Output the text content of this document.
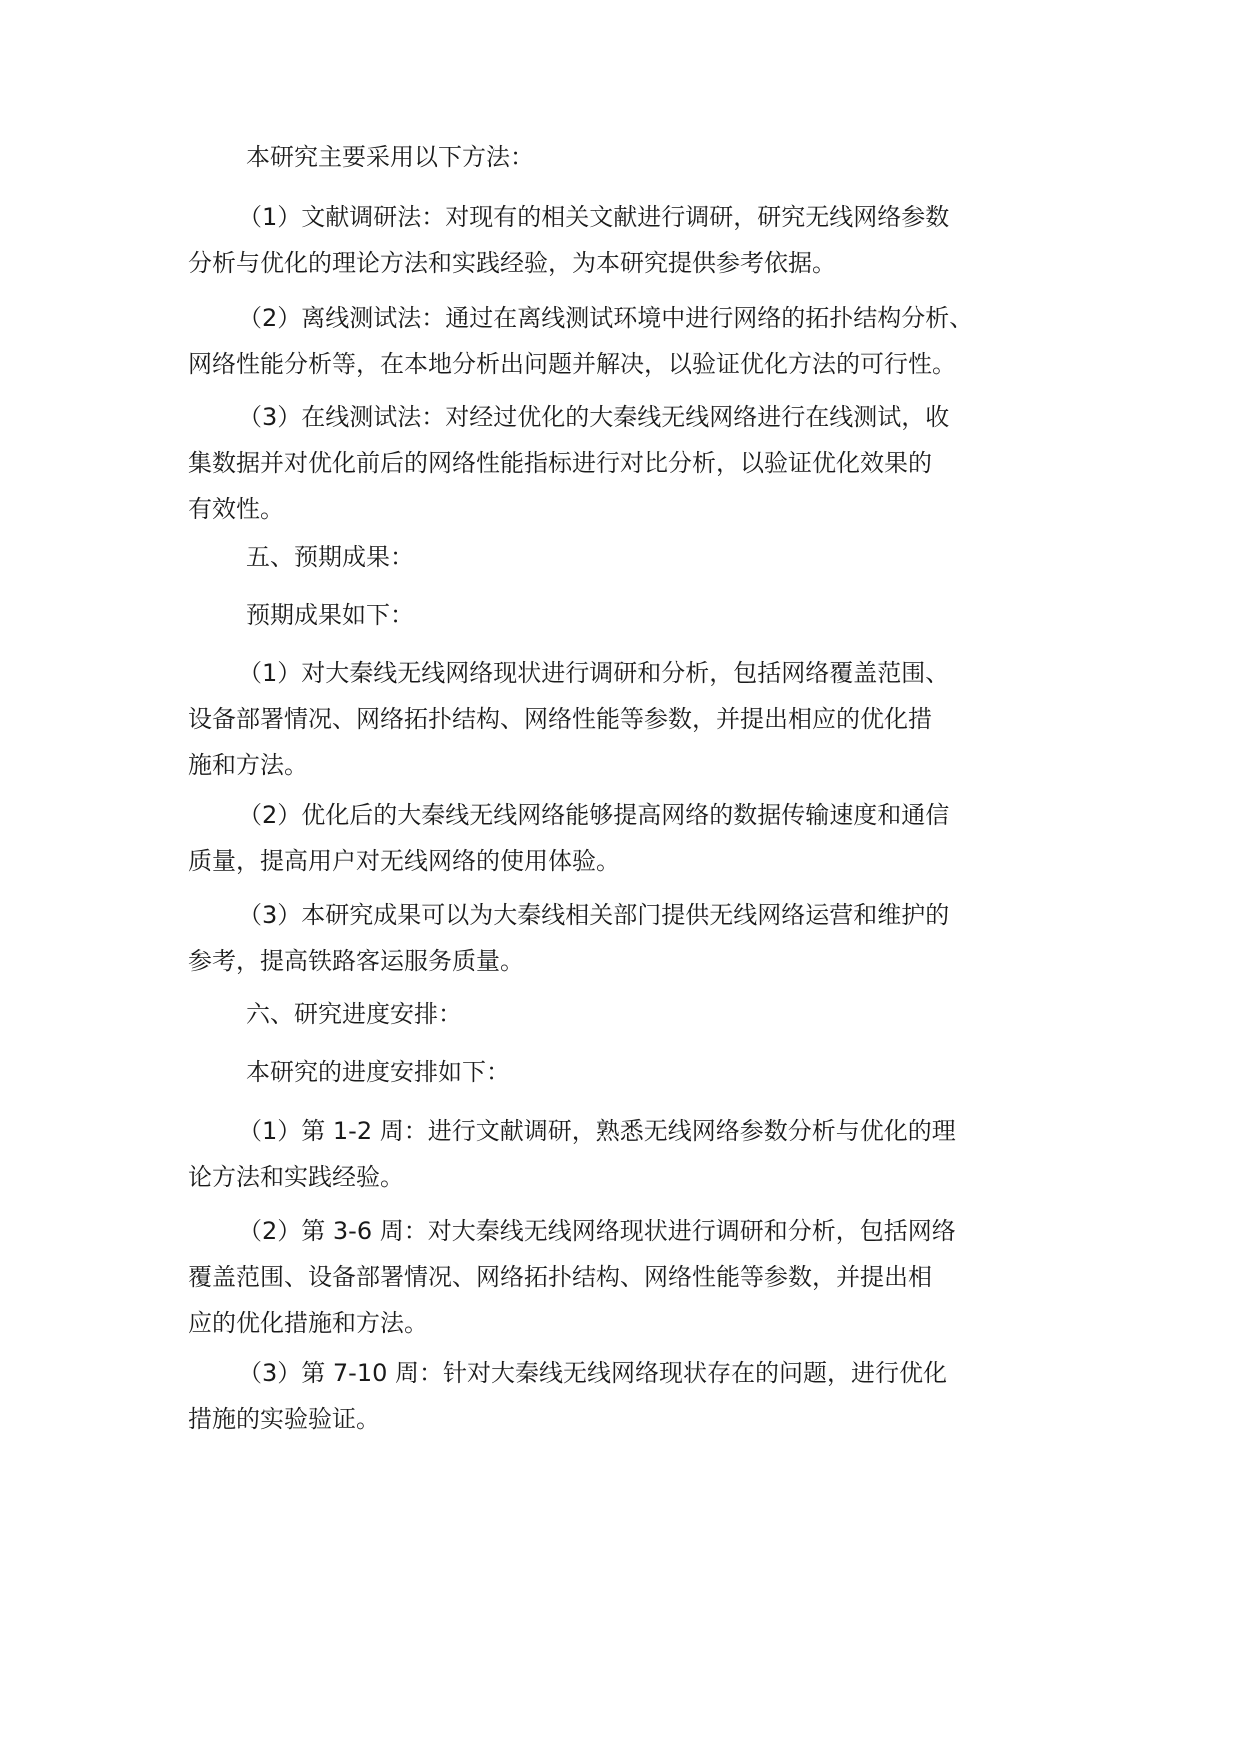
本研究主要采用以下方法：

（1）文献调研法：对现有的相关文献进行调研，研究无线网络参数
分析与优化的理论方法和实践经验，为本研究提供参考依据。

（2）离线测试法：通过在离线测试环境中进行网络的拓扑结构分析、
网络性能分析等，在本地分析出问题并解决，以验证优化方法的可行性。

（3）在线测试法：对经过优化的大秦线无线网络进行在线测试，收
集数据并对优化前后的网络性能指标进行对比分析，以验证优化效果的
有效性。

五、预期成果：

预期成果如下：

（1）对大秦线无线网络现状进行调研和分析，包括网络覆盖范围、
设备部署情况、网络拓扑结构、网络性能等参数，并提出相应的优化措
施和方法。

（2）优化后的大秦线无线网络能够提高网络的数据传输速度和通信
质量，提高用户对无线网络的使用体验。

（3）本研究成果可以为大秦线相关部门提供无线网络运营和维护的
参考，提高铁路客运服务质量。

六、研究进度安排：

本研究的进度安排如下：

（1）第 1-2 周：进行文献调研，熟悉无线网络参数分析与优化的理
论方法和实践经验。

（2）第 3-6 周：对大秦线无线网络现状进行调研和分析，包括网络
覆盖范围、设备部署情况、网络拓扑结构、网络性能等参数，并提出相
应的优化措施和方法。

（3）第 7-10 周：针对大秦线无线网络现状存在的问题，进行优化
措施的实验验证。
